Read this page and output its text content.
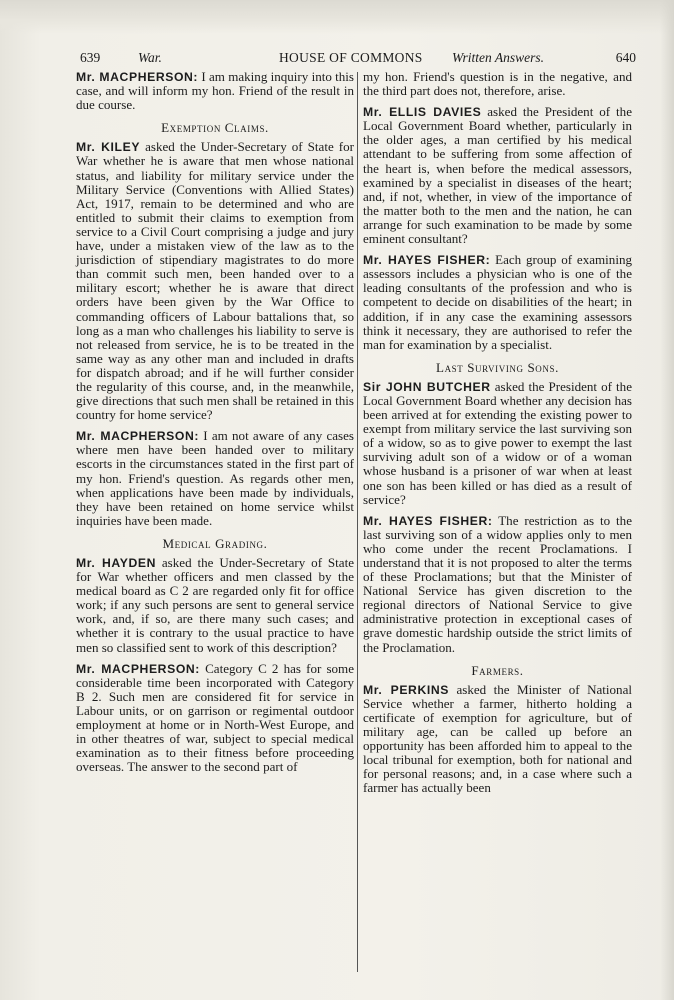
639	War.	HOUSE OF COMMONS Written Answers.	640

Mr. MACPHERSON: I am making inquiry into this case, and will inform my hon. Friend of the result in due course.

Exemption Claims.

Mr. KILEY asked the Under-Secretary of State for War whether he is aware that men whose national status, and liability for military service under the Military Service (Conventions with Allied States) Act, 1917, remain to be determined and who are entitled to submit their claims to exemption from service to a Civil Court comprising a judge and jury have, under a mistaken view of the law as to the jurisdiction of stipendiary magistrates to do more than commit such men, been handed over to a military escort; whether he is aware that direct orders have been given by the War Office to commanding officers of Labour battalions that, so long as a man who challenges his liability to serve is not released from service, he is to be treated in the same way as any other man and included in drafts for dispatch abroad; and if he will further consider the regularity of this course, and, in the meanwhile, give directions that such men shall be retained in this country for home service?

Mr. MACPHERSON: I am not aware of any cases where men have been handed over to military escorts in the circumstances stated in the first part of my hon. Friend's question. As regards other men, when applications have been made by individuals, they have been retained on home service whilst inquiries have been made.

Medical Grading.

Mr. HAYDEN asked the Under-Secretary of State for War whether officers and men classed by the medical board as C 2 are regarded only fit for office work; if any such persons are sent to general service work, and, if so, are there many such cases; and whether it is contrary to the usual practice to have men so classified sent to work of this description?

Mr. MACPHERSON: Category C 2 has for some considerable time been incorporated with Category B 2. Such men are considered fit for service in Labour units, or on garrison or regimental outdoor employment at home or in North-West Europe, and in other theatres of war, subject to special medical examination as to their fitness before proceeding overseas. The answer to the second part of

my hon. Friend's question is in the negative, and the third part does not, therefore, arise.

Mr. ELLIS DAVIES asked the President of the Local Government Board whether, particularly in the older ages, a man certified by his medical attendant to be suffering from some affection of the heart is, when before the medical assessors, examined by a specialist in diseases of the heart; and, if not, whether, in view of the importance of the matter both to the men and the nation, he can arrange for such examination to be made by some eminent consultant?

Mr. HAYES FISHER: Each group of examining assessors includes a physician who is one of the leading consultants of the profession and who is competent to decide on disabilities of the heart; in addition, if in any case the examining assessors think it necessary, they are authorised to refer the man for examination by a specialist.

Last Surviving Sons.

Sir JOHN BUTCHER asked the President of the Local Government Board whether any decision has been arrived at for extending the existing power to exempt from military service the last surviving son of a widow, so as to give power to exempt the last surviving adult son of a widow or of a woman whose husband is a prisoner of war when at least one son has been killed or has died as a result of service?

Mr. HAYES FISHER: The restriction as to the last surviving son of a widow applies only to men who come under the recent Proclamations. I understand that it is not proposed to alter the terms of these Proclamations; but that the Minister of National Service has given discretion to the regional directors of National Service to give administrative protection in exceptional cases of grave domestic hardship outside the strict limits of the Proclamation.

Farmers.

Mr. PERKINS asked the Minister of National Service whether a farmer, hitherto holding a certificate of exemption for agriculture, but of military age, can be called up before an opportunity has been afforded him to appeal to the local tribunal for exemption, both for national and for personal reasons; and, in a case where such a farmer has actually been
